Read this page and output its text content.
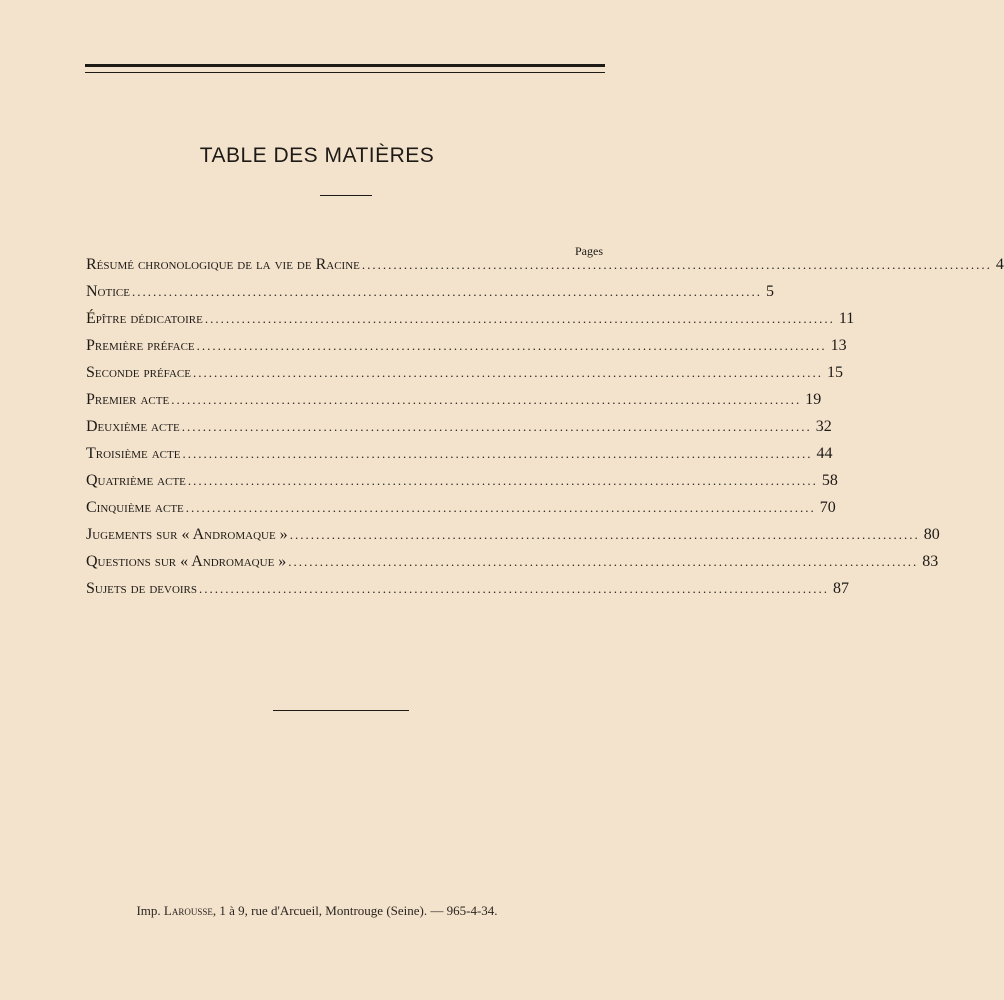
TABLE DES MATIÈRES
Pages
Résumé chronologique de la vie de Racine ........................................................................................................................ 4
Notice ........................................................................................................................ 5
Épître dédicatoire ........................................................................................................................ 11
Première préface ........................................................................................................................ 13
Seconde préface ........................................................................................................................ 15
Premier acte ........................................................................................................................ 19
Deuxième acte ........................................................................................................................ 32
Troisième acte ........................................................................................................................ 44
Quatrième acte ........................................................................................................................ 58
Cinquième acte ........................................................................................................................ 70
Jugements sur « Andromaque » ........................................................................................................................ 80
Questions sur « Andromaque » ........................................................................................................................ 83
Sujets de devoirs ........................................................................................................................ 87
Imp. Larousse, 1 à 9, rue d'Arcueil, Montrouge (Seine). — 965-4-34.
